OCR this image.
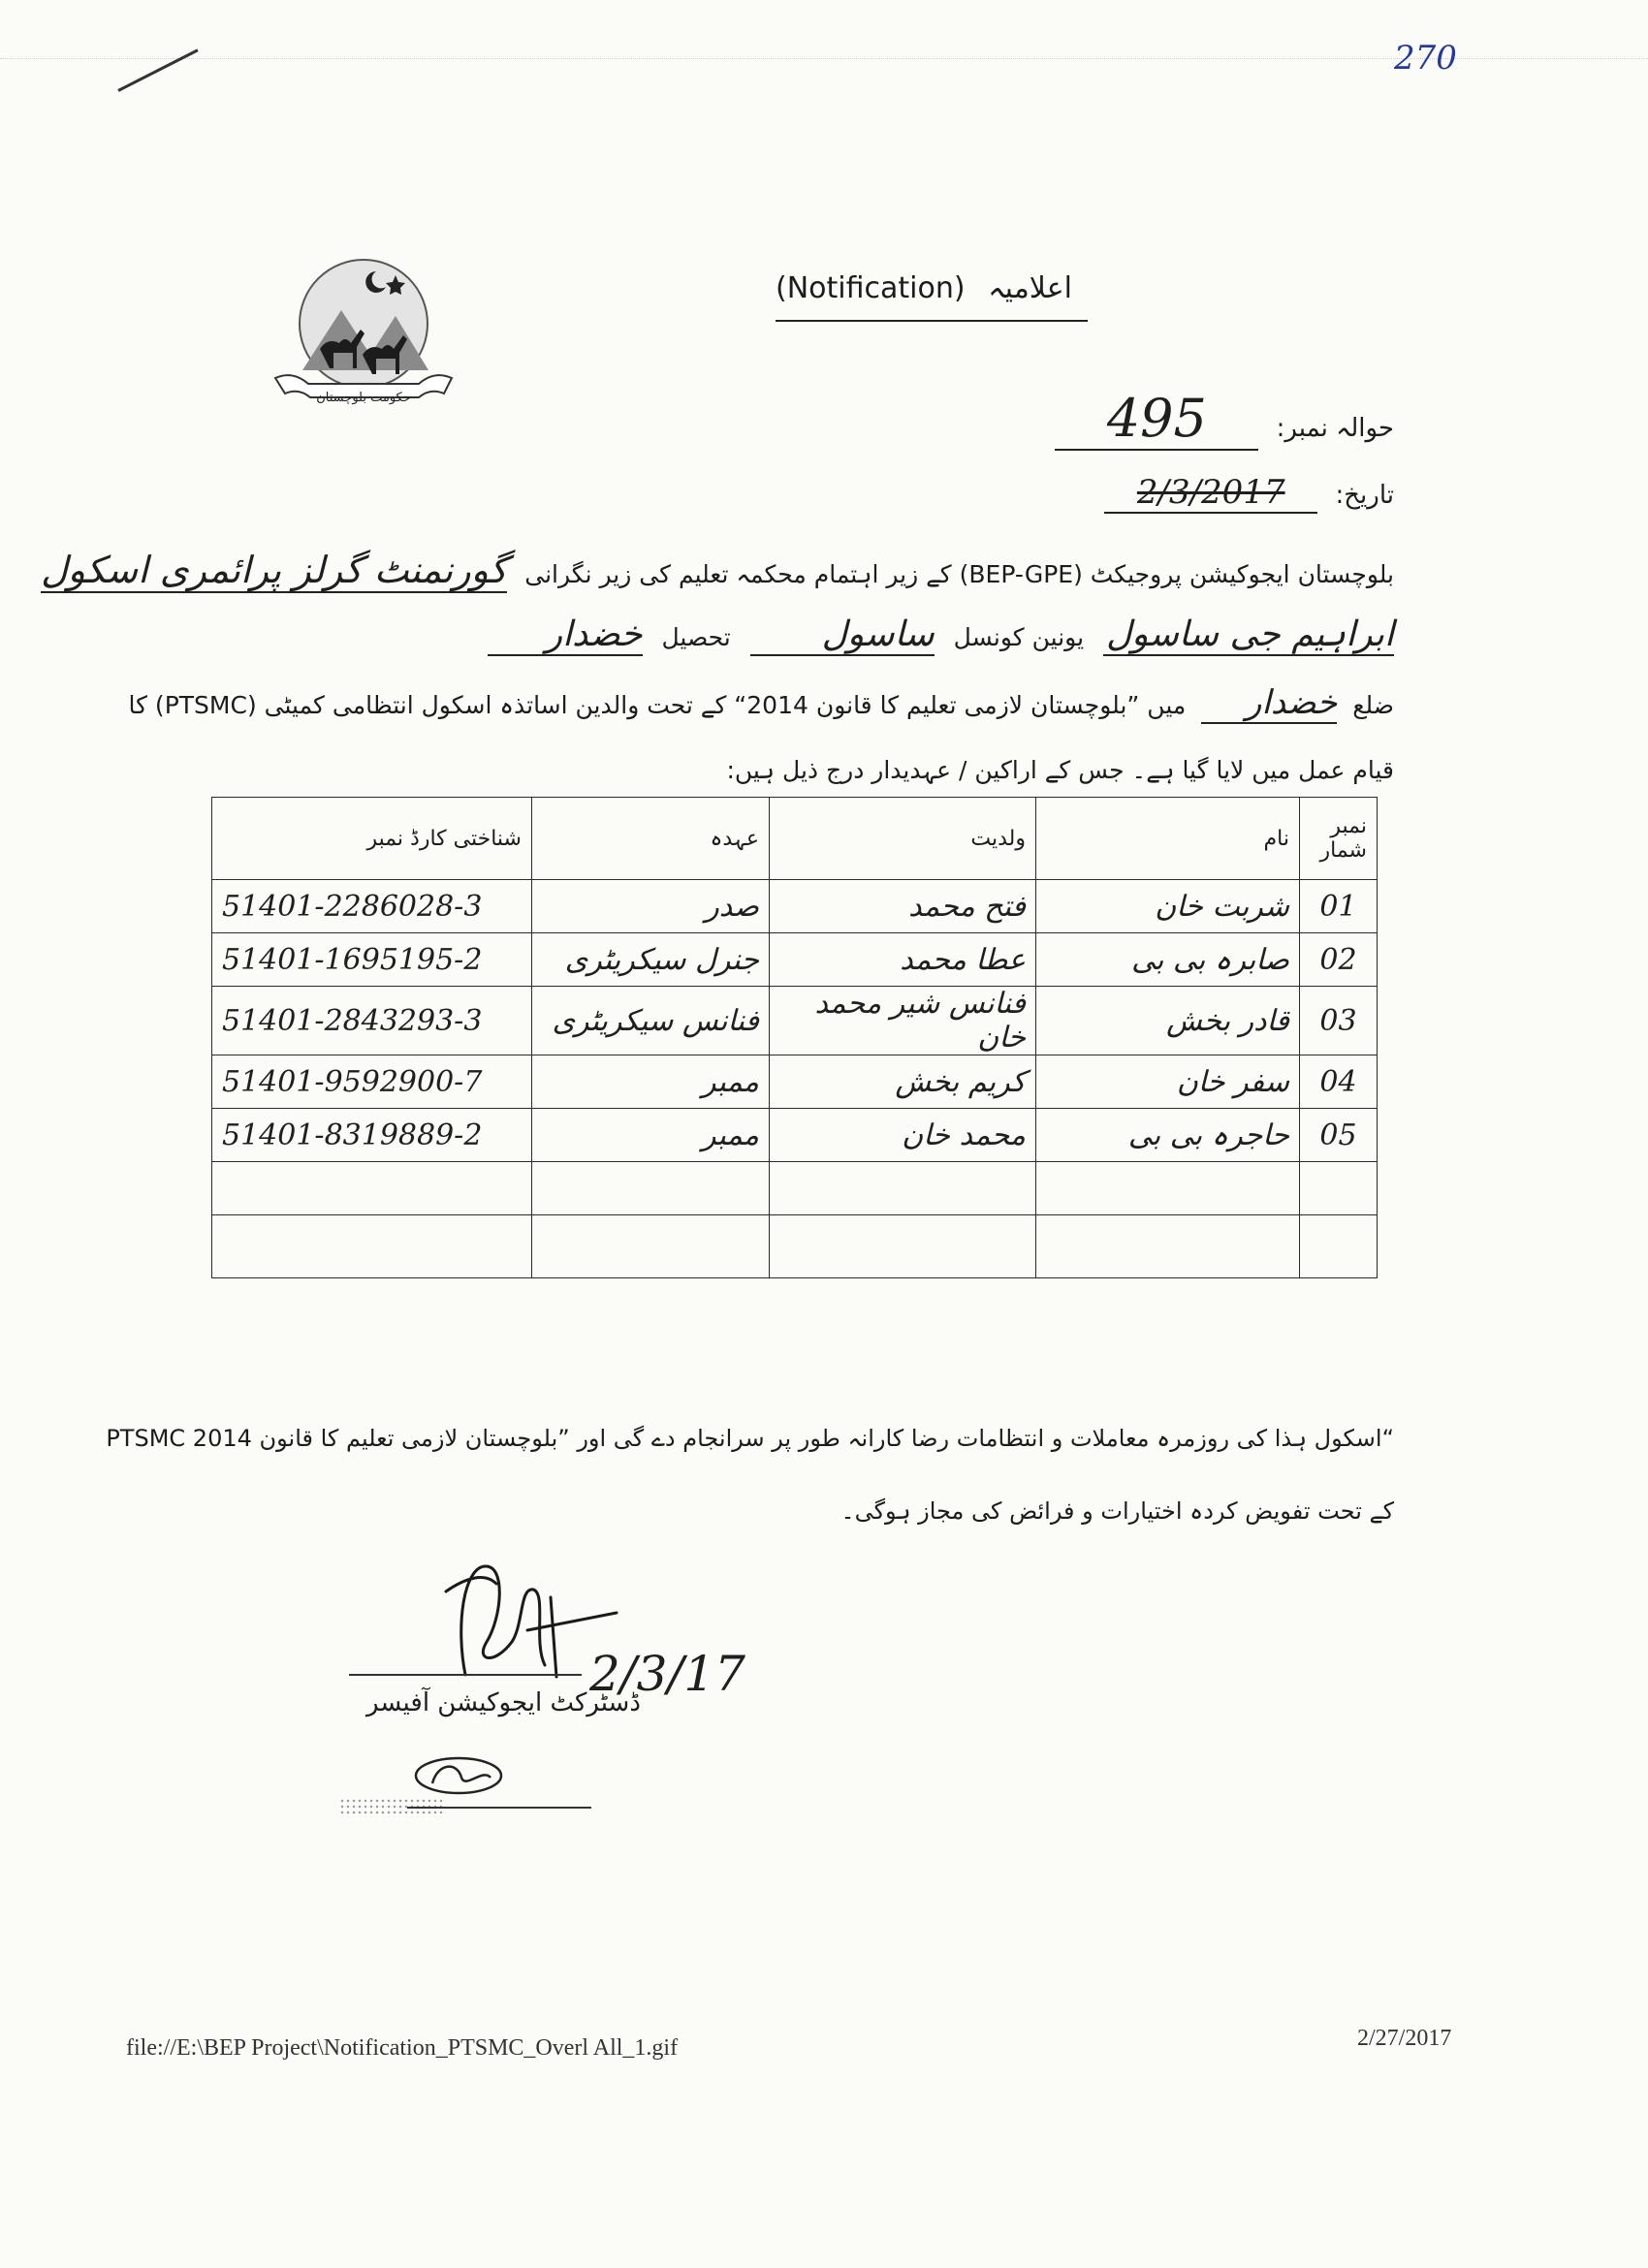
270
حکومت بلوچستان
(Notification) اعلامیہ
حوالہ نمبر: 495
تاریخ: 2/3/2017
بلوچستان ایجوکیشن پروجیکٹ (BEP-GPE) کے زیر اہتمام محکمہ تعلیم کی زیر نگرانی گورنمنٹ گرلز پرائمری اسکول
ابراہیم جی ساسول یونین کونسل ساسول تحصیل خضدار
ضلع خضدار میں ”بلوچستان لازمی تعلیم کا قانون 2014“ کے تحت والدین اساتذہ اسکول انتظامی کمیٹی (PTSMC) کا
قیام عمل میں لایا گیا ہے۔ جس کے اراکین / عہدیدار درج ذیل ہیں:
شناختی کارڈ نمبر	عہدہ	ولدیت	نام	نمبر شمار
51401-2286028-3	صدر	فتح محمد	شربت خان	01
51401-1695195-2	جنرل سیکریٹری	عطا محمد	صابرہ بی بی	02
51401-2843293-3	فنانس سیکریٹری	فنانس شیر محمد خان	قادر بخش	03
51401-9592900-7	ممبر	کریم بخش	سفر خان	04
51401-8319889-2	ممبر	محمد خان	حاجرہ بی بی	05

PTSMC اسکول ہذا کی روزمرہ معاملات و انتظامات رضا کارانہ طور پر سرانجام دے گی اور ”بلوچستان لازمی تعلیم کا قانون 2014“
کے تحت تفویض کردہ اختیارات و فرائض کی مجاز ہوگی۔
2/3/17
ڈسٹرکٹ ایجوکیشن آفیسر
file://E:\BEP Project\Notification_PTSMC_Overl All_1.gif	2/27/2017
